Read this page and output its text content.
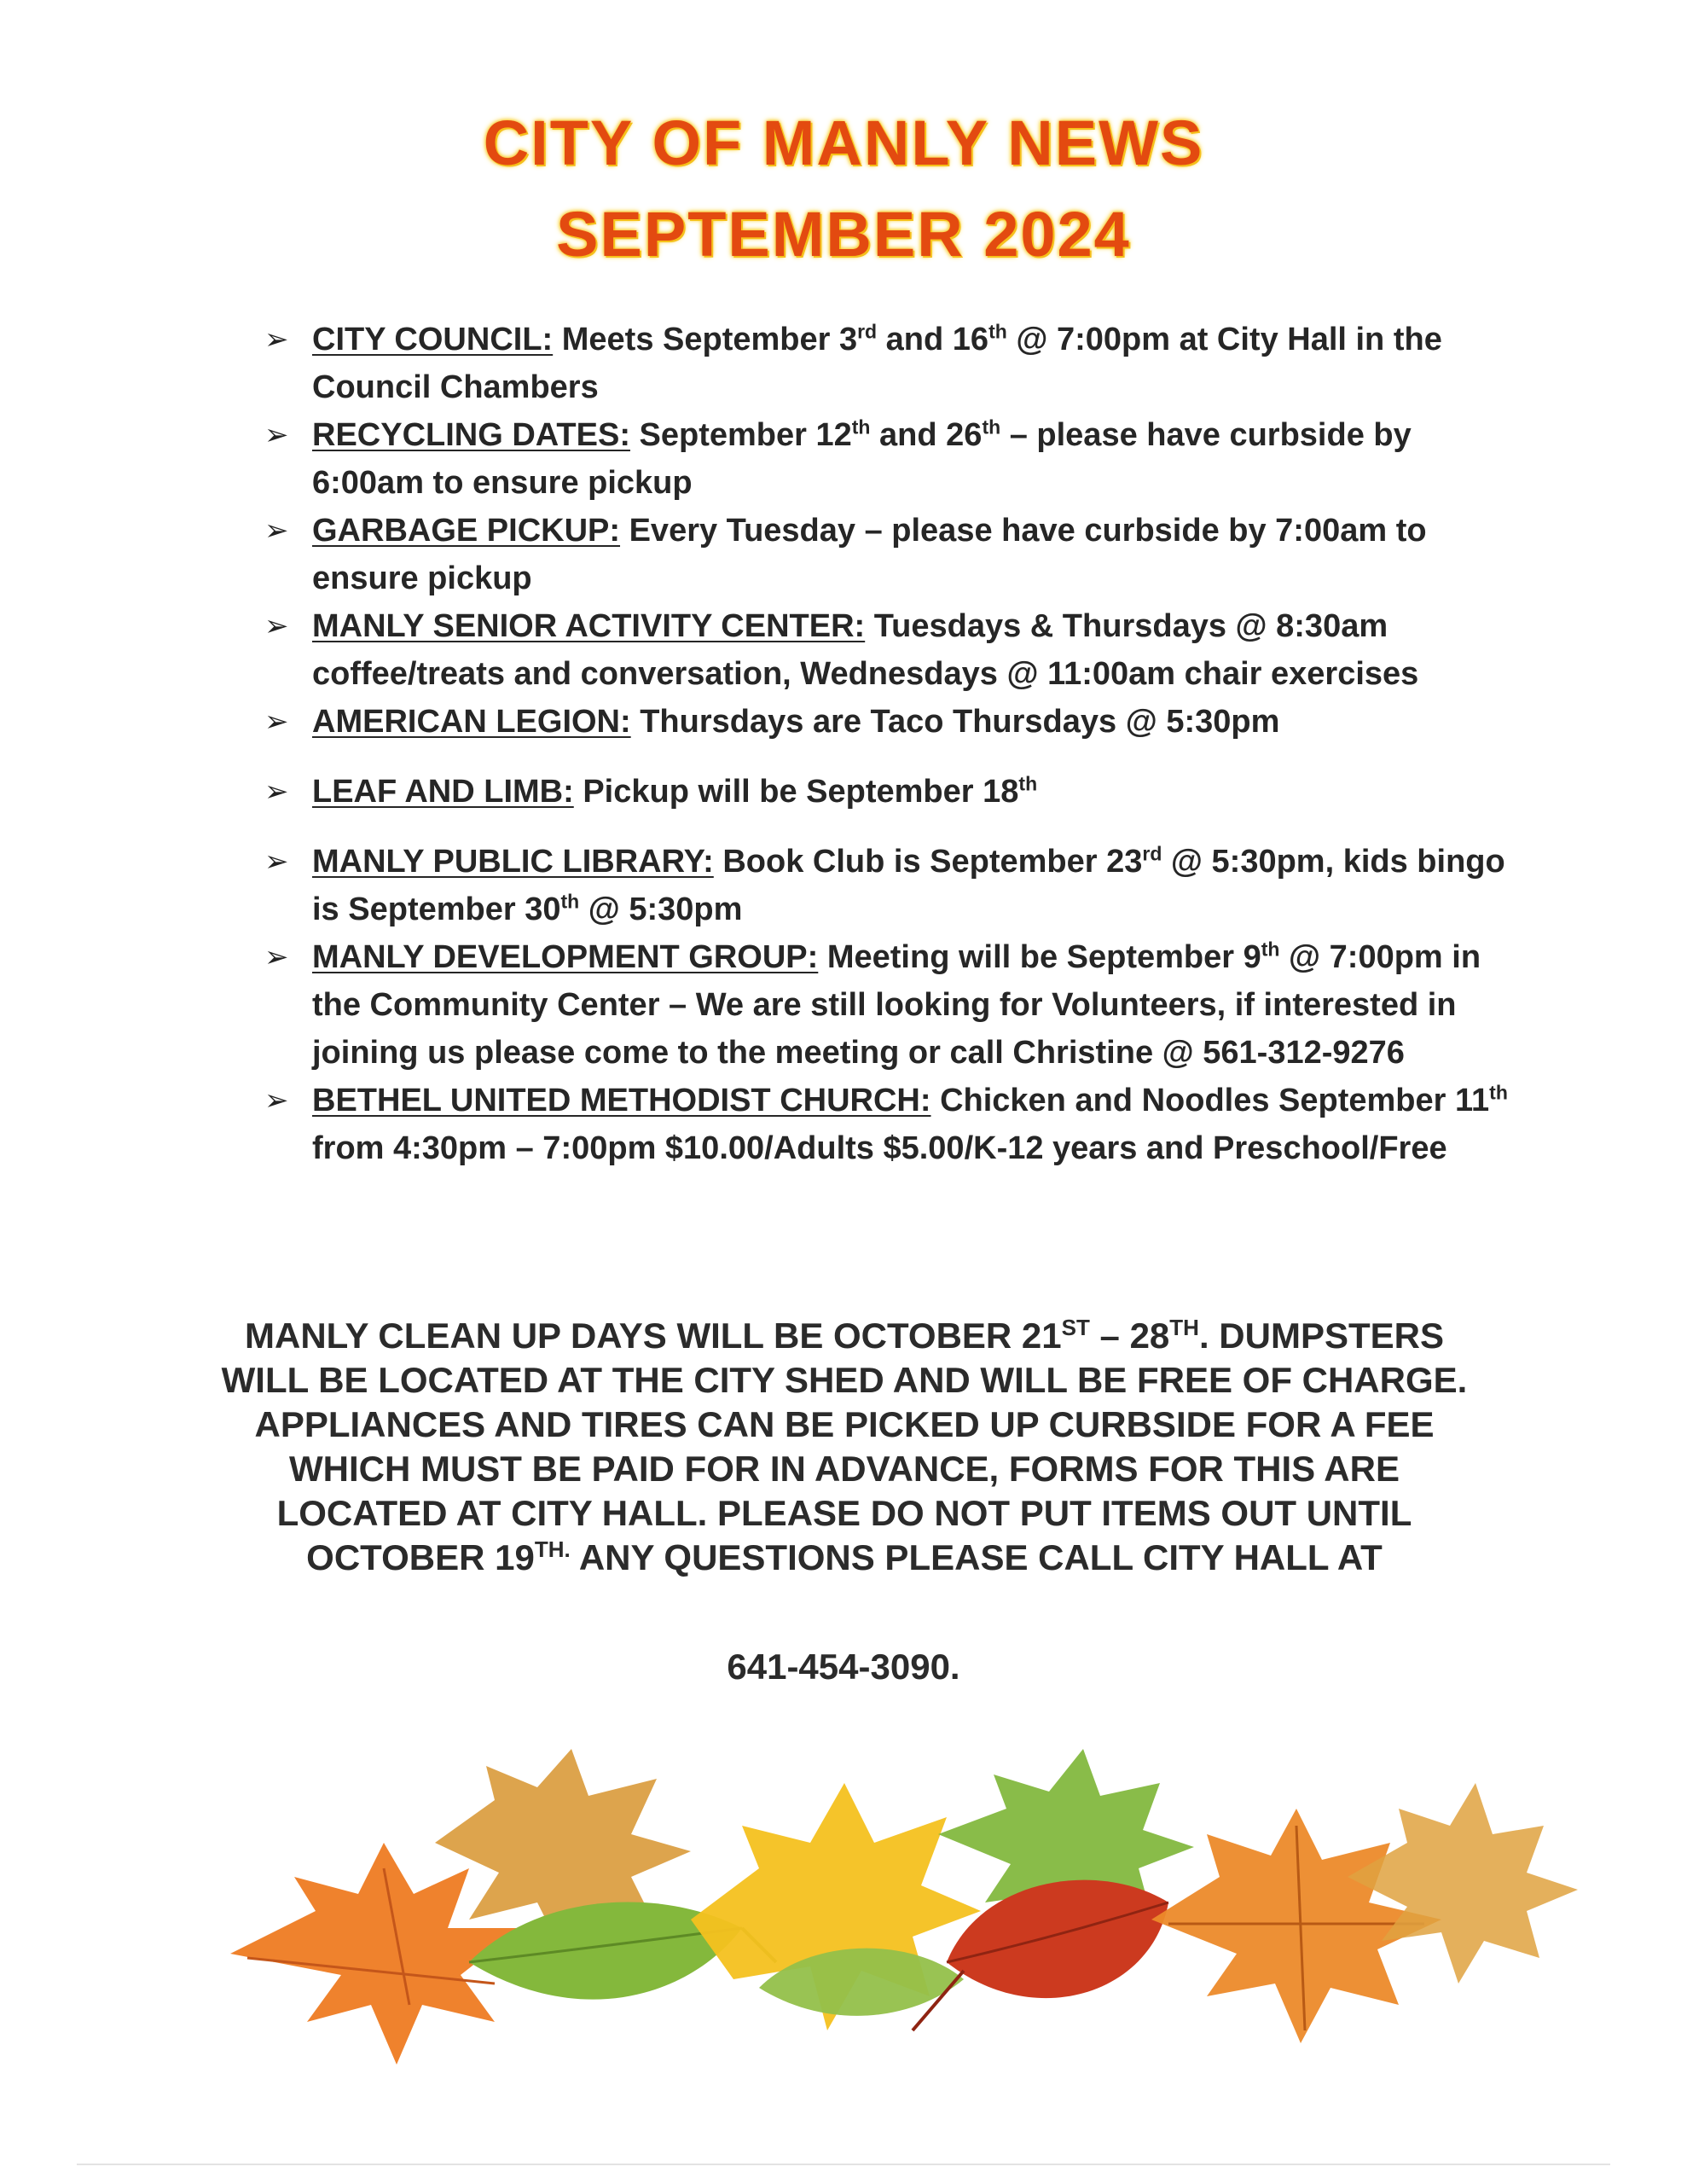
CITY OF MANLY NEWS
SEPTEMBER 2024
➢ CITY COUNCIL: Meets September 3rd and 16th @ 7:00pm at City Hall in the Council Chambers
➢ RECYCLING DATES: September 12th and 26th – please have curbside by 6:00am to ensure pickup
➢ GARBAGE PICKUP: Every Tuesday – please have curbside by 7:00am to ensure pickup
➢ MANLY SENIOR ACTIVITY CENTER: Tuesdays & Thursdays @ 8:30am coffee/treats and conversation, Wednesdays @ 11:00am chair exercises
➢ AMERICAN LEGION: Thursdays are Taco Thursdays @ 5:30pm
➢ LEAF AND LIMB: Pickup will be September 18th
➢ MANLY PUBLIC LIBRARY: Book Club is September 23rd @ 5:30pm, kids bingo is September 30th @ 5:30pm
➢ MANLY DEVELOPMENT GROUP: Meeting will be September 9th @ 7:00pm in the Community Center – We are still looking for Volunteers, if interested in joining us please come to the meeting or call Christine @ 561-312-9276
➢ BETHEL UNITED METHODIST CHURCH: Chicken and Noodles September 11th from 4:30pm – 7:00pm $10.00/Adults $5.00/K-12 years and Preschool/Free

MANLY CLEAN UP DAYS WILL BE OCTOBER 21ST – 28TH. DUMPSTERS WILL BE LOCATED AT THE CITY SHED AND WILL BE FREE OF CHARGE. APPLIANCES AND TIRES CAN BE PICKED UP CURBSIDE FOR A FEE WHICH MUST BE PAID FOR IN ADVANCE, FORMS FOR THIS ARE LOCATED AT CITY HALL. PLEASE DO NOT PUT ITEMS OUT UNTIL OCTOBER $19^{TH.}$ ANY QUESTIONS PLEASE CALL CITY HALL AT

641-454-3090.
